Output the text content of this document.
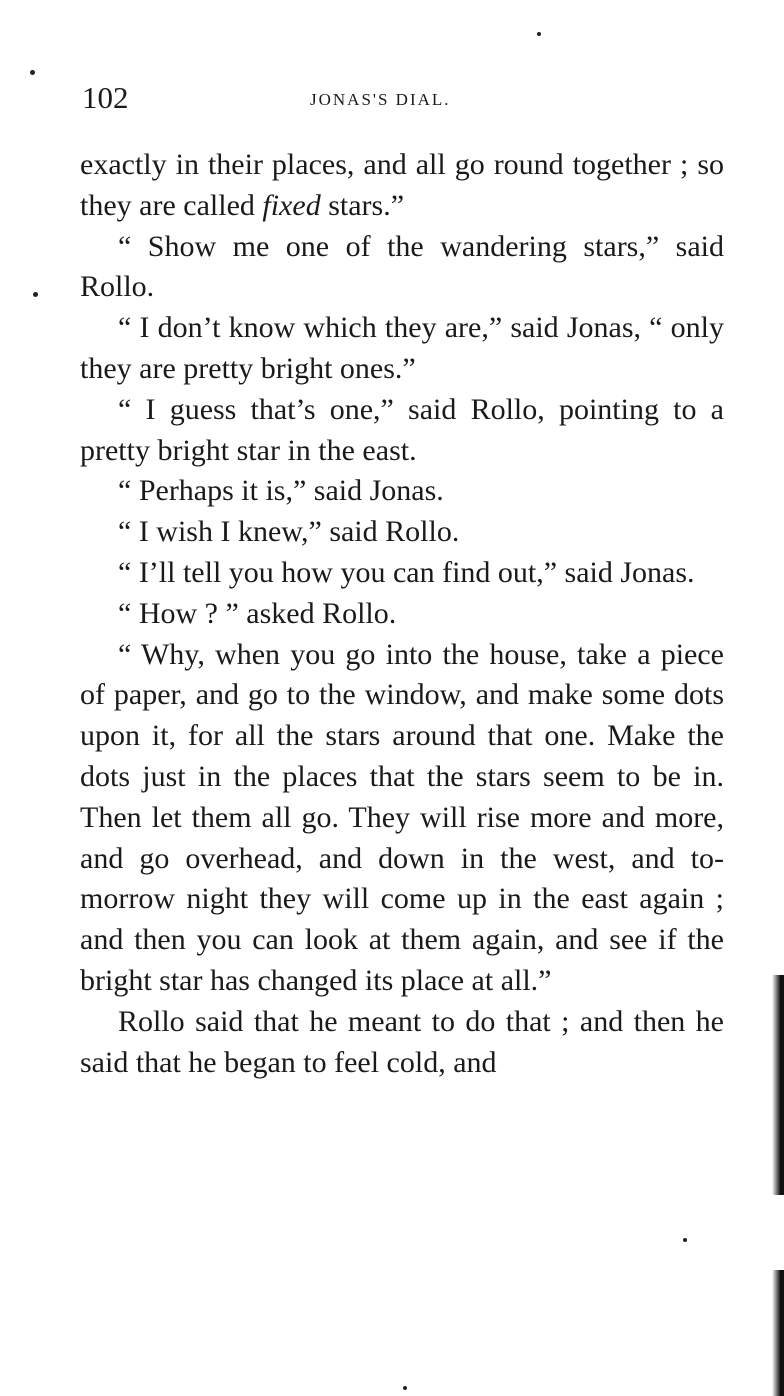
102	JONAS'S DIAL.

exactly in their places, and all go round together ; so they are called fixed stars.”

“ Show me one of the wandering stars,” said Rollo.

“ I don’t know which they are,” said Jonas, “ only they are pretty bright ones.”

“ I guess that’s one,” said Rollo, pointing to a pretty bright star in the east.

“ Perhaps it is,” said Jonas.

“ I wish I knew,” said Rollo.

“ I’ll tell you how you can find out,” said Jonas.

“ How ? ” asked Rollo.

“ Why, when you go into the house, take a piece of paper, and go to the window, and make some dots upon it, for all the stars around that one. Make the dots just in the places that the stars seem to be in. Then let them all go. They will rise more and more, and go overhead, and down in the west, and to-morrow night they will come up in the east again ; and then you can look at them again, and see if the bright star has changed its place at all.”

Rollo said that he meant to do that ; and then he said that he began to feel cold, and
